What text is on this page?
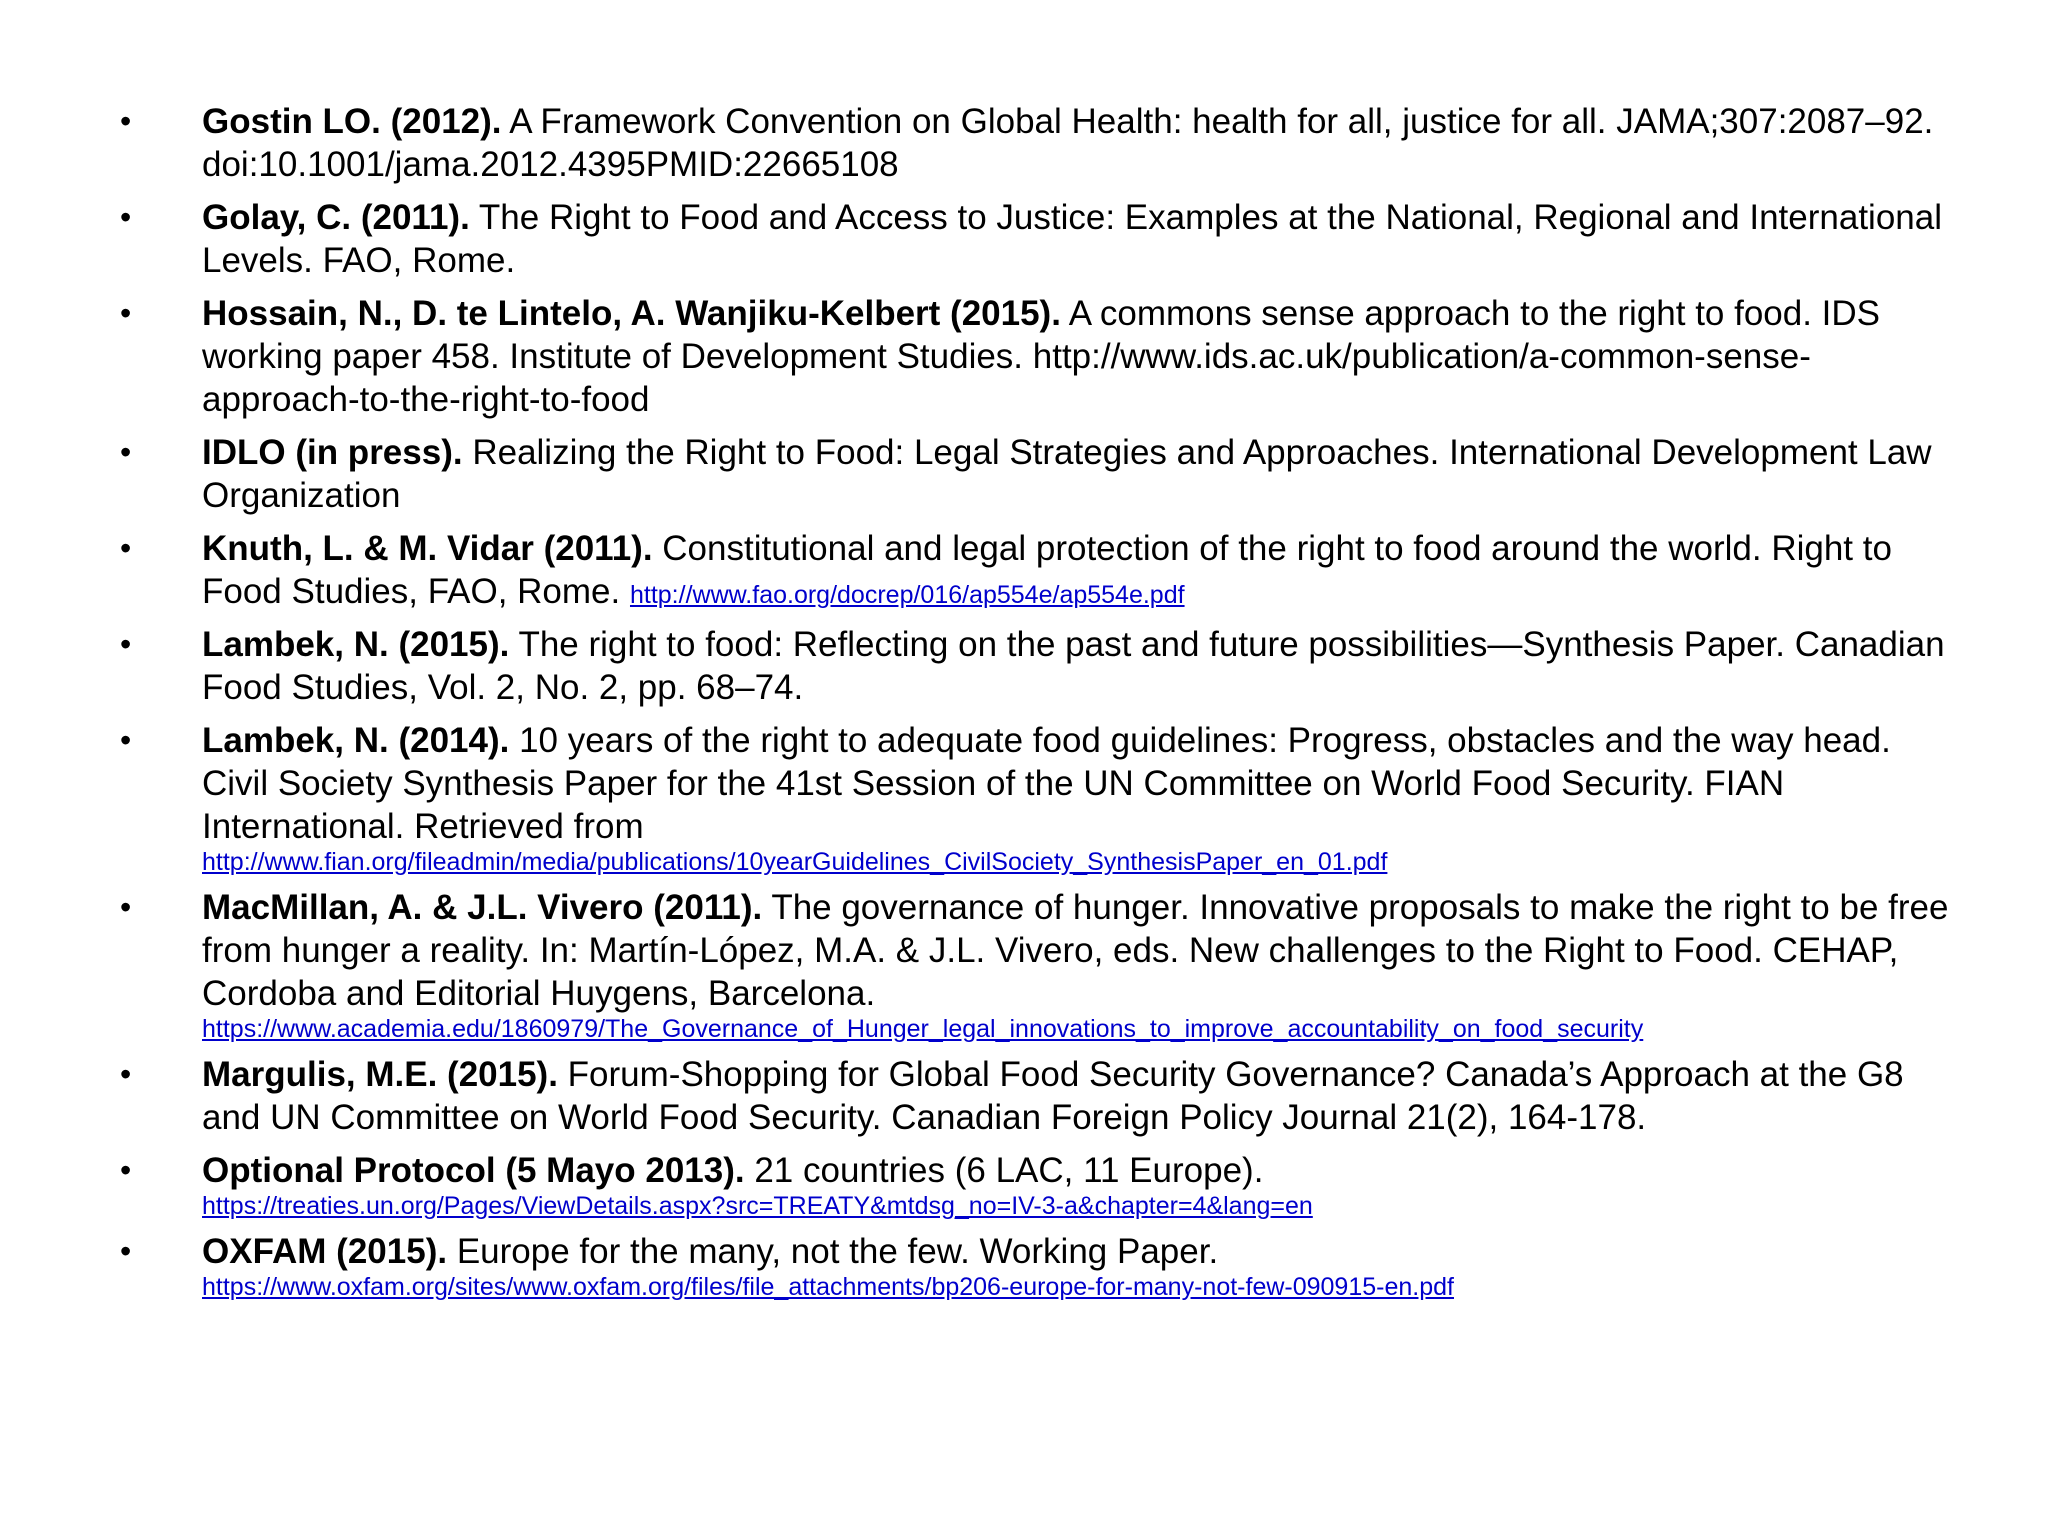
•	Gostin LO. (2012). A Framework Convention on Global Health: health for all, justice for all. JAMA;307:2087–92. doi:10.1001/jama.2012.4395PMID:22665108
•	Golay, C. (2011). The Right to Food and Access to Justice: Examples at the National, Regional and International Levels. FAO, Rome.
•	Hossain, N., D. te Lintelo, A. Wanjiku-Kelbert (2015). A commons sense approach to the right to food. IDS working paper 458. Institute of Development Studies. http://www.ids.ac.uk/publication/a-common-sense-approach-to-the-right-to-food
•	IDLO (in press). Realizing the Right to Food: Legal Strategies and Approaches. International Development Law Organization
•	Knuth, L. & M. Vidar (2011). Constitutional and legal protection of the right to food around the world. Right to Food Studies, FAO, Rome. http://www.fao.org/docrep/016/ap554e/ap554e.pdf
•	Lambek, N. (2015). The right to food: Reflecting on the past and future possibilities—Synthesis Paper. Canadian Food Studies, Vol. 2, No. 2, pp. 68–74.
•	Lambek, N. (2014). 10 years of the right to adequate food guidelines: Progress, obstacles and the way head. Civil Society Synthesis Paper for the 41st Session of the UN Committee on World Food Security. FIAN International. Retrieved from
http://www.fian.org/fileadmin/media/publications/10yearGuidelines_CivilSociety_SynthesisPaper_en_01.pdf
•	MacMillan, A. & J.L. Vivero (2011). The governance of hunger. Innovative proposals to make the right to be free from hunger a reality. In: Martín-López, M.A. & J.L. Vivero, eds. New challenges to the Right to Food. CEHAP, Cordoba and Editorial Huygens, Barcelona.
https://www.academia.edu/1860979/The_Governance_of_Hunger_legal_innovations_to_improve_accountability_on_food_security
•	Margulis, M.E. (2015). Forum-Shopping for Global Food Security Governance? Canada’s Approach at the G8 and UN Committee on World Food Security. Canadian Foreign Policy Journal 21(2), 164-178.
•	Optional Protocol (5 Mayo 2013). 21 countries (6 LAC, 11 Europe).
https://treaties.un.org/Pages/ViewDetails.aspx?src=TREATY&mtdsg_no=IV-3-a&chapter=4&lang=en
•	OXFAM (2015). Europe for the many, not the few. Working Paper.
https://www.oxfam.org/sites/www.oxfam.org/files/file_attachments/bp206-europe-for-many-not-few-090915-en.pdf
